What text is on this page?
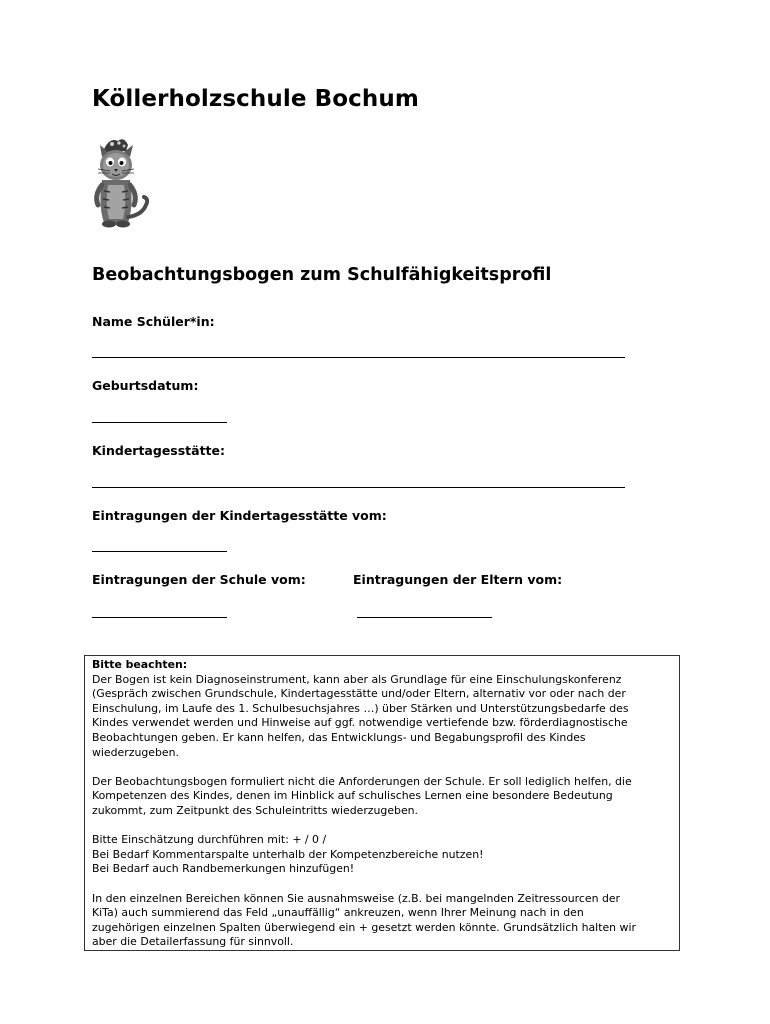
Köllerholzschule Bochum
Beobachtungsbogen zum Schulfähigkeitsprofil
Name Schüler*in:
Geburtsdatum:
Kindertagesstätte:
Eintragungen der Kindertagesstätte vom:
Eintragungen der Schule vom:	Eintragungen der Eltern vom:
Bitte beachten:

Der Bogen ist kein Diagnoseinstrument, kann aber als Grundlage für eine Einschulungskonferenz
(Gespräch zwischen Grundschule, Kindertagesstätte und/oder Eltern, alternativ vor oder nach der
Einschulung, im Laufe des 1. Schulbesuchsjahres …) über Stärken und Unterstützungsbedarfe des
Kindes verwendet werden und Hinweise auf ggf. notwendige vertiefende bzw. förderdiagnostische
Beobachtungen geben. Er kann helfen, das Entwicklungs- und Begabungsprofil des Kindes
wiederzugeben.

Der Beobachtungsbogen formuliert nicht die Anforderungen der Schule. Er soll lediglich helfen, die
Kompetenzen des Kindes, denen im Hinblick auf schulisches Lernen eine besondere Bedeutung
zukommt, zum Zeitpunkt des Schuleintritts wiederzugeben.

Bitte Einschätzung durchführen mit: + / 0 /
Bei Bedarf Kommentarspalte unterhalb der Kompetenzbereiche nutzen!
Bei Bedarf auch Randbemerkungen hinzufügen!

In den einzelnen Bereichen können Sie ausnahmsweise (z.B. bei mangelnden Zeitressourcen der
KiTa) auch summierend das Feld „unauffällig“ ankreuzen, wenn Ihrer Meinung nach in den
zugehörigen einzelnen Spalten überwiegend ein + gesetzt werden könnte. Grundsätzlich halten wir
aber die Detailerfassung für sinnvoll.
